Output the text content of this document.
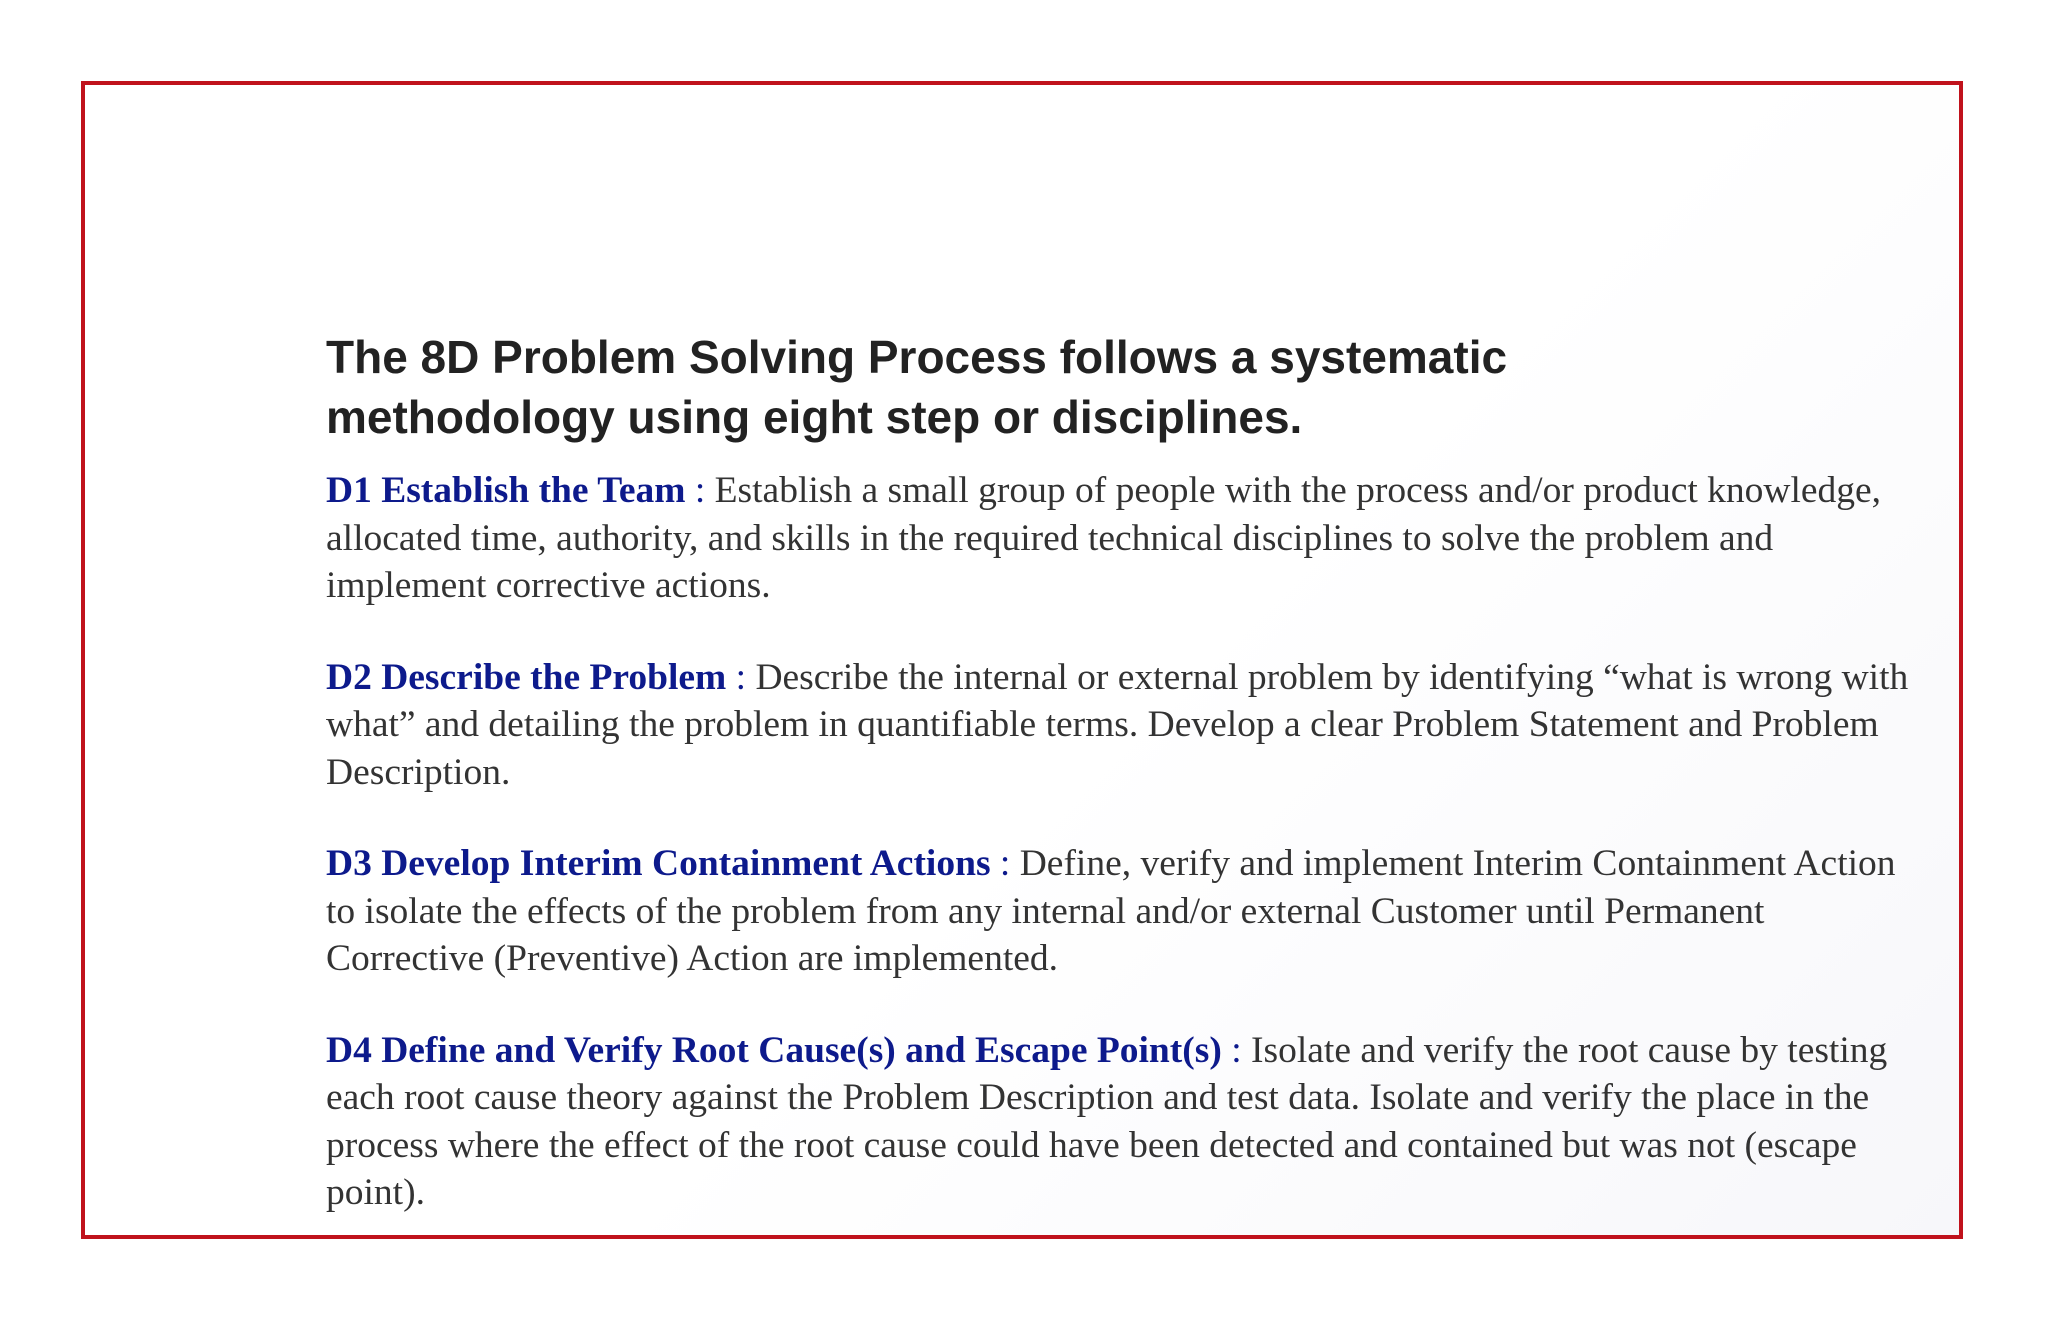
The 8D Problem Solving Process follows a systematic methodology using eight step or disciplines.

D1 Establish the Team : Establish a small group of people with the process and/or product knowledge, allocated time, authority, and skills in the required technical disciplines to solve the problem and implement corrective actions.

D2 Describe the Problem : Describe the internal or external problem by identifying “what is wrong with what” and detailing the problem in quantifiable terms. Develop a clear Problem Statement and Problem Description.

D3 Develop Interim Containment Actions : Define, verify and implement Interim Containment Action to isolate the effects of the problem from any internal and/or external Customer until Permanent Corrective (Preventive) Action are implemented.

D4 Define and Verify Root Cause(s) and Escape Point(s) : Isolate and verify the root cause by testing each root cause theory against the Problem Description and test data. Isolate and verify the place in the process where the effect of the root cause could have been detected and contained but was not (escape point).
